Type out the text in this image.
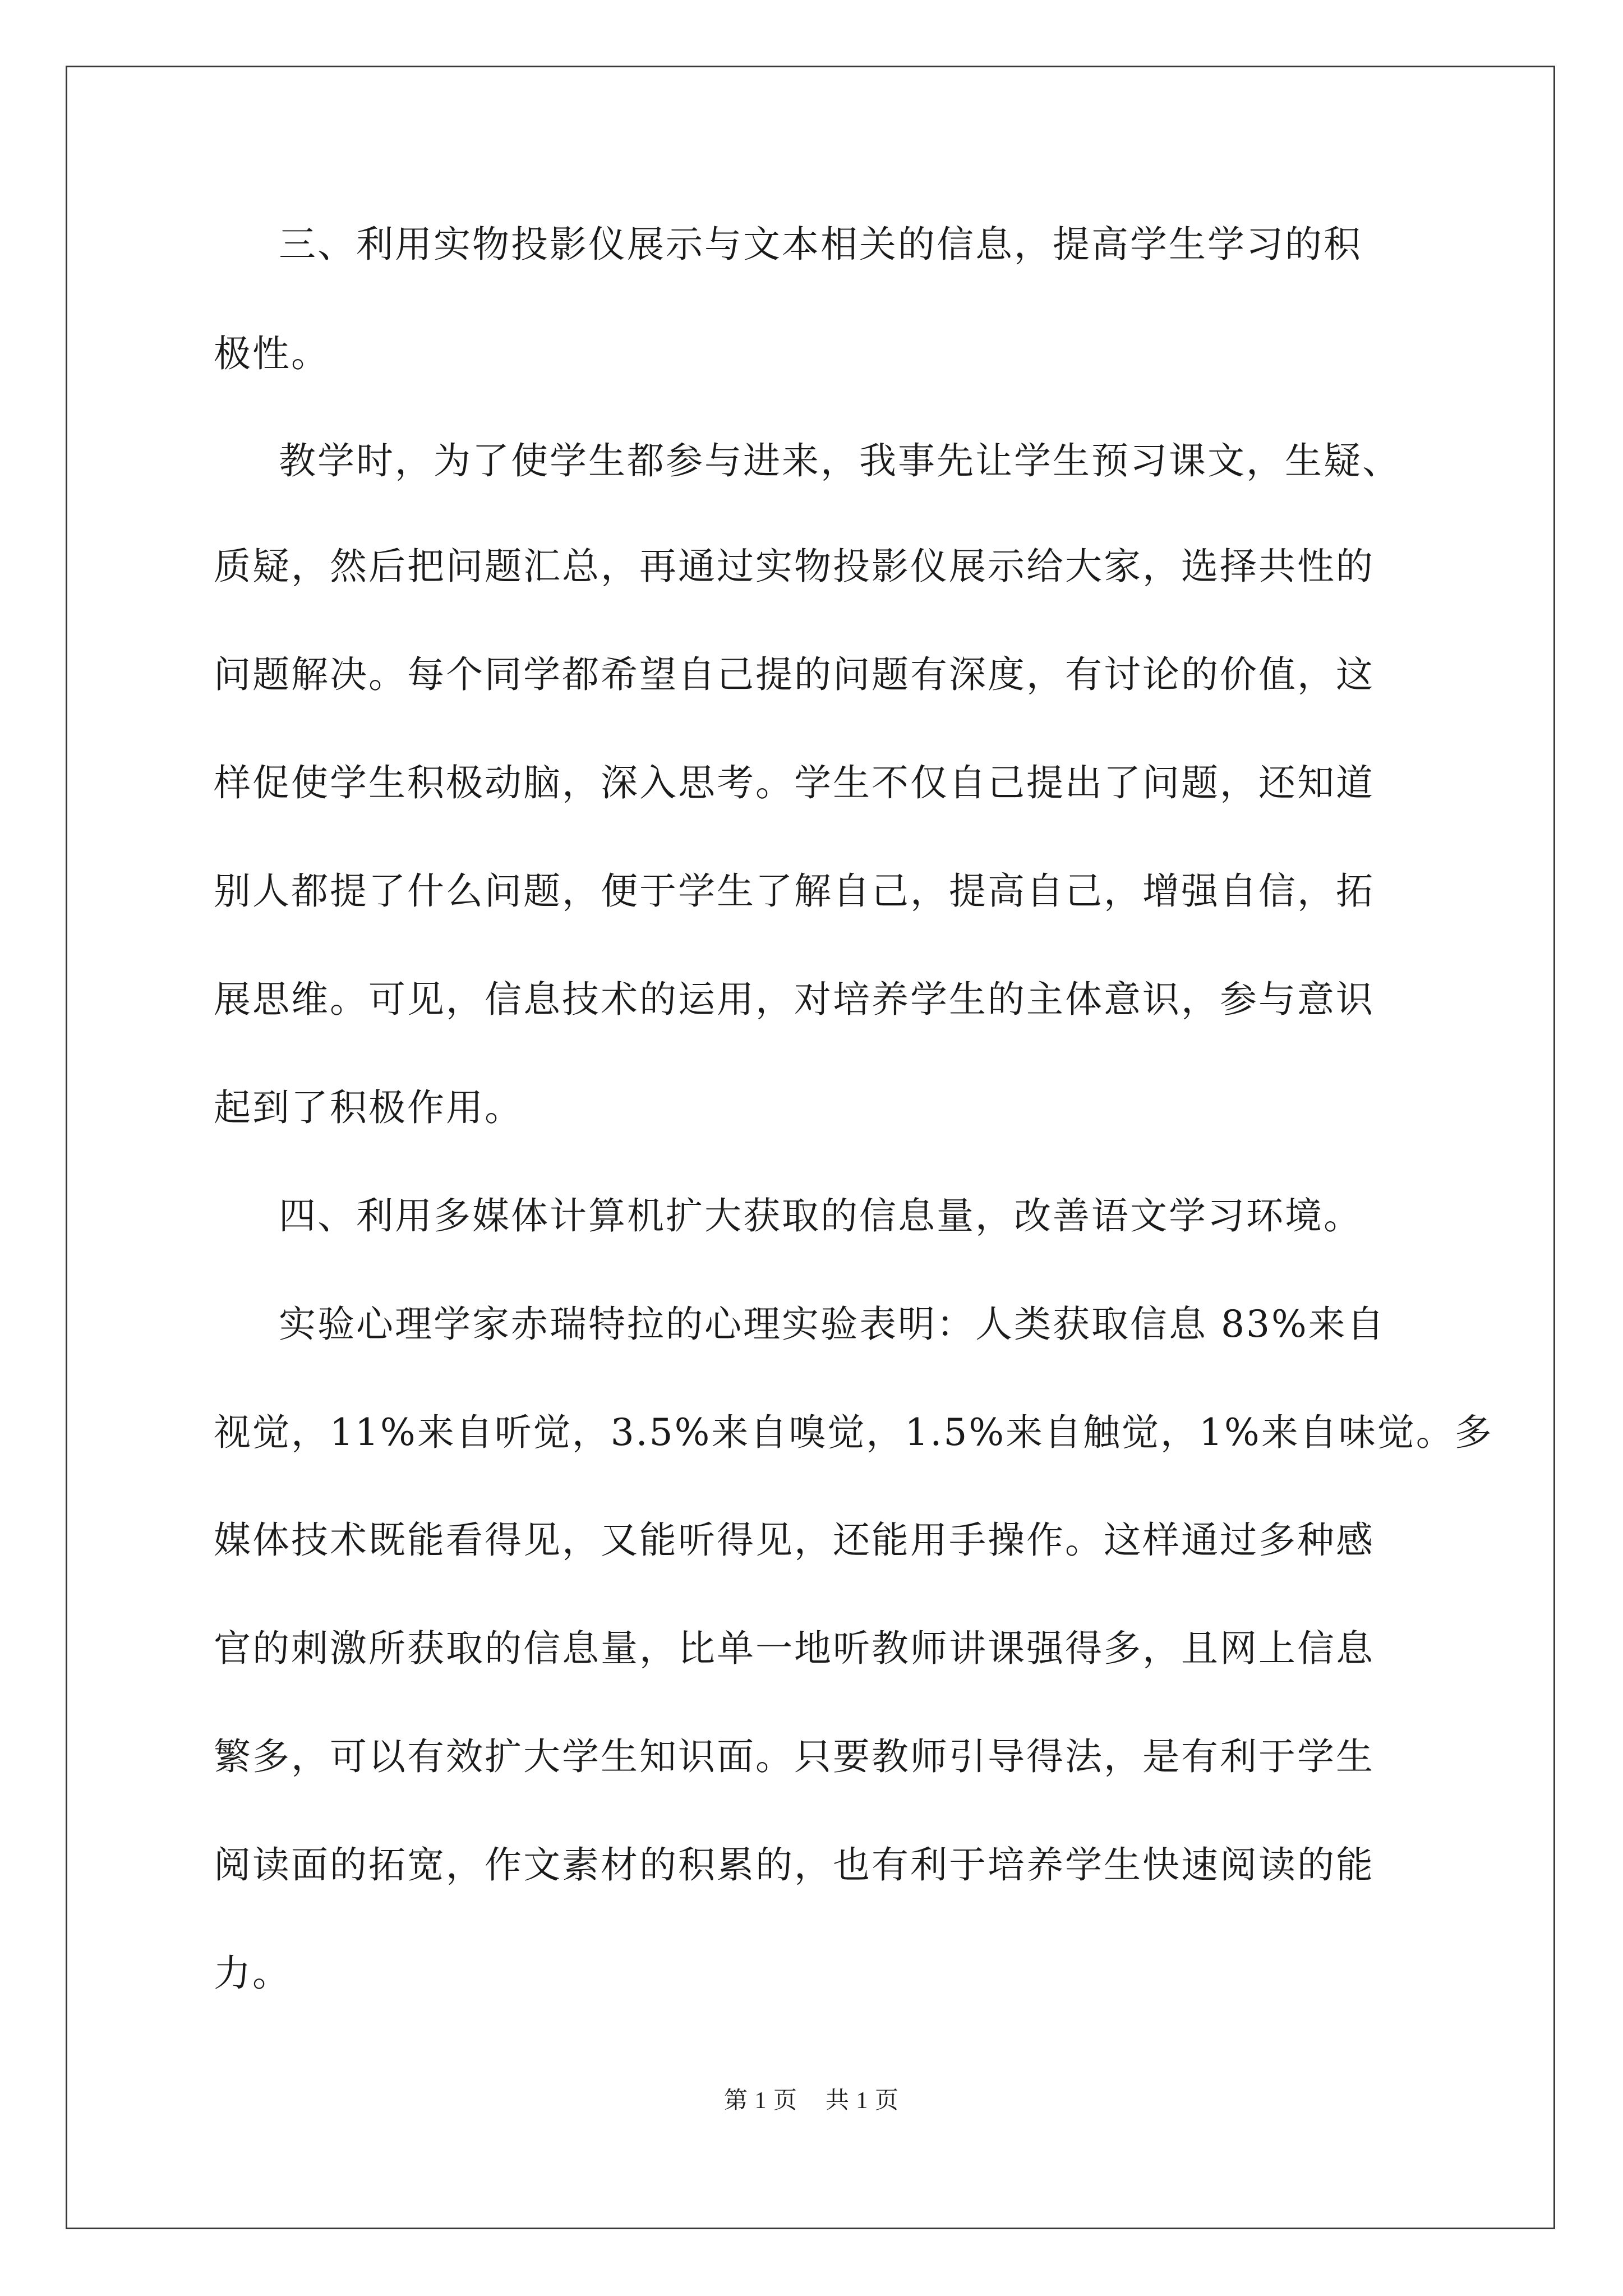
三、利用实物投影仪展示与文本相关的信息，提高学生学习的积
极性。
教学时，为了使学生都参与进来，我事先让学生预习课文，生疑、
质疑，然后把问题汇总，再通过实物投影仪展示给大家，选择共性的
问题解决。每个同学都希望自己提的问题有深度，有讨论的价值，这
样促使学生积极动脑，深入思考。学生不仅自己提出了问题，还知道
别人都提了什么问题，便于学生了解自己，提高自己，增强自信，拓
展思维。可见，信息技术的运用，对培养学生的主体意识，参与意识
起到了积极作用。
四、利用多媒体计算机扩大获取的信息量，改善语文学习环境。
实验心理学家赤瑞特拉的心理实验表明：人类获取信息 83%来自
视觉，11%来自听觉，3.5%来自嗅觉，1.5%来自触觉，1%来自味觉。多
媒体技术既能看得见，又能听得见，还能用手操作。这样通过多种感
官的刺激所获取的信息量，比单一地听教师讲课强得多，且网上信息
繁多，可以有效扩大学生知识面。只要教师引导得法，是有利于学生
阅读面的拓宽，作文素材的积累的，也有利于培养学生快速阅读的能
力。
第 1 页 共 1 页
